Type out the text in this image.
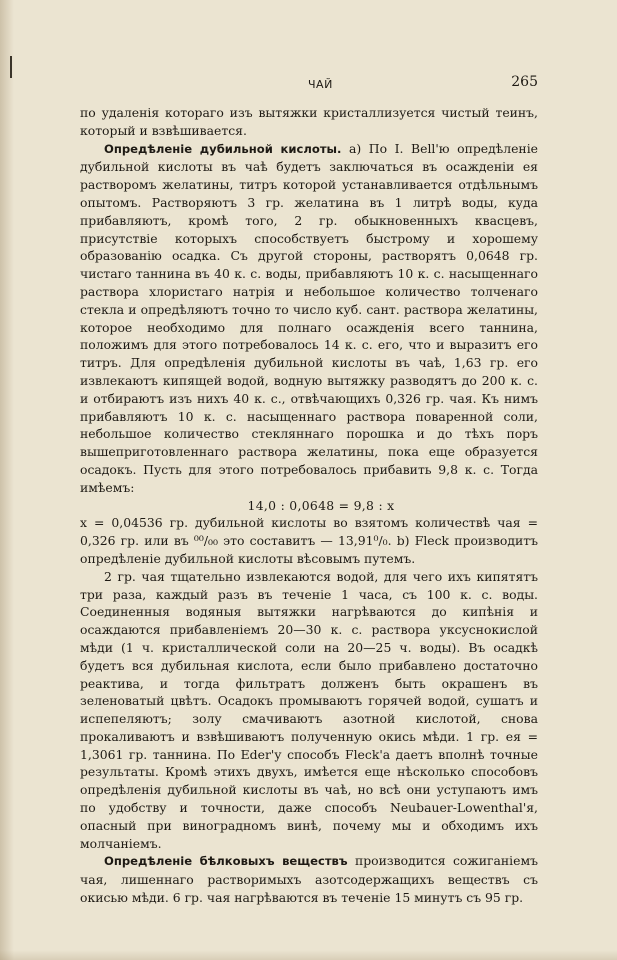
ЧАЙ	265

по удаленія котораго изъ вытяжки кристаллизуется чистый теинъ, который и взвѣшивается.

Опредѣленіе дубильной кислоты. а) По I. Bell'ю опредѣленіе дубильной кислоты въ чаѣ будетъ заключаться въ осажденіи ея растворомъ желатины, титръ которой устанавливается отдѣльнымъ опытомъ. Растворяютъ 3 гр. желатина въ 1 литрѣ воды, куда прибавляютъ, кромѣ того, 2 гр. обыкновенныхъ квасцевъ, присутствіе которыхъ способствуетъ быстрому и хорошему образованію осадка. Съ другой стороны, растворятъ 0,0648 гр. чистаго таннина въ 40 к. с. воды, прибавляютъ 10 к. с. насыщеннаго раствора хлористаго натрія и небольшое количество толченаго стекла и опредѣляютъ точно то число куб. сант. раствора желатины, которое необходимо для полнаго осажденія всего таннина, положимъ для этого потребовалось 14 к. с. его, что и выразитъ его титръ. Для опредѣленія дубильной кислоты въ чаѣ, 1,63 гр. его извлекаютъ кипящей водой, водную вытяжку разводятъ до 200 к. с. и отбираютъ изъ нихъ 40 к. с., отвѣчающихъ 0,326 гр. чая. Къ нимъ прибавляютъ 10 к. с. насыщеннаго раствора поваренной соли, небольшое количество стекляннаго порошка и до тѣхъ поръ вышеприготовленнаго раствора желатины, пока еще образуется осадокъ. Пусть для этого потребовалось прибавить 9,8 к. с. Тогда имѣемъ:

14,0 : 0,0648 = 9,8 : x

x = 0,04536 гр. дубильной кислоты во взятомъ количествѣ чая = 0,326 гр. или въ ⁰⁰/₀₀ это составитъ — 13,91⁰/₀. b) Fleck производитъ опредѣленіе дубильной кислоты вѣсовымъ путемъ.

2 гр. чая тщательно извлекаются водой, для чего ихъ кипятятъ три раза, каждый разъ въ теченіе 1 часа, съ 100 к. с. воды. Соединенныя водяныя вытяжки нагрѣваются до кипѣнія и осаждаются прибавленіемъ 20—30 к. с. раствора уксуснокислой мѣди (1 ч. кристаллической соли на 20—25 ч. воды). Въ осадкѣ будетъ вся дубильная кислота, если было прибавлено достаточно реактива, и тогда фильтратъ долженъ быть окрашенъ въ зеленоватый цвѣтъ. Осадокъ промываютъ горячей водой, сушатъ и испепеляютъ; золу смачиваютъ азотной кислотой, снова прокаливаютъ и взвѣшиваютъ полученную окись мѣди. 1 гр. ея = 1,3061 гр. таннина. По Eder'у способъ Fleck'а даетъ вполнѣ точные результаты. Кромѣ этихъ двухъ, имѣется еще нѣсколько способовъ опредѣленія дубильной кислоты въ чаѣ, но всѣ они уступаютъ имъ по удобству и точности, даже способъ Neubauer-Lowenthal'я, опасный при виноградномъ винѣ, почему мы и обходимъ ихъ молчаніемъ.

Опредѣленіе бѣлковыхъ веществъ производится сожиганіемъ чая, лишеннаго растворимыхъ азотсодержащихъ веществъ съ окисью мѣди. 6 гр. чая нагрѣваются въ теченіе 15 минутъ съ 95 гр.
